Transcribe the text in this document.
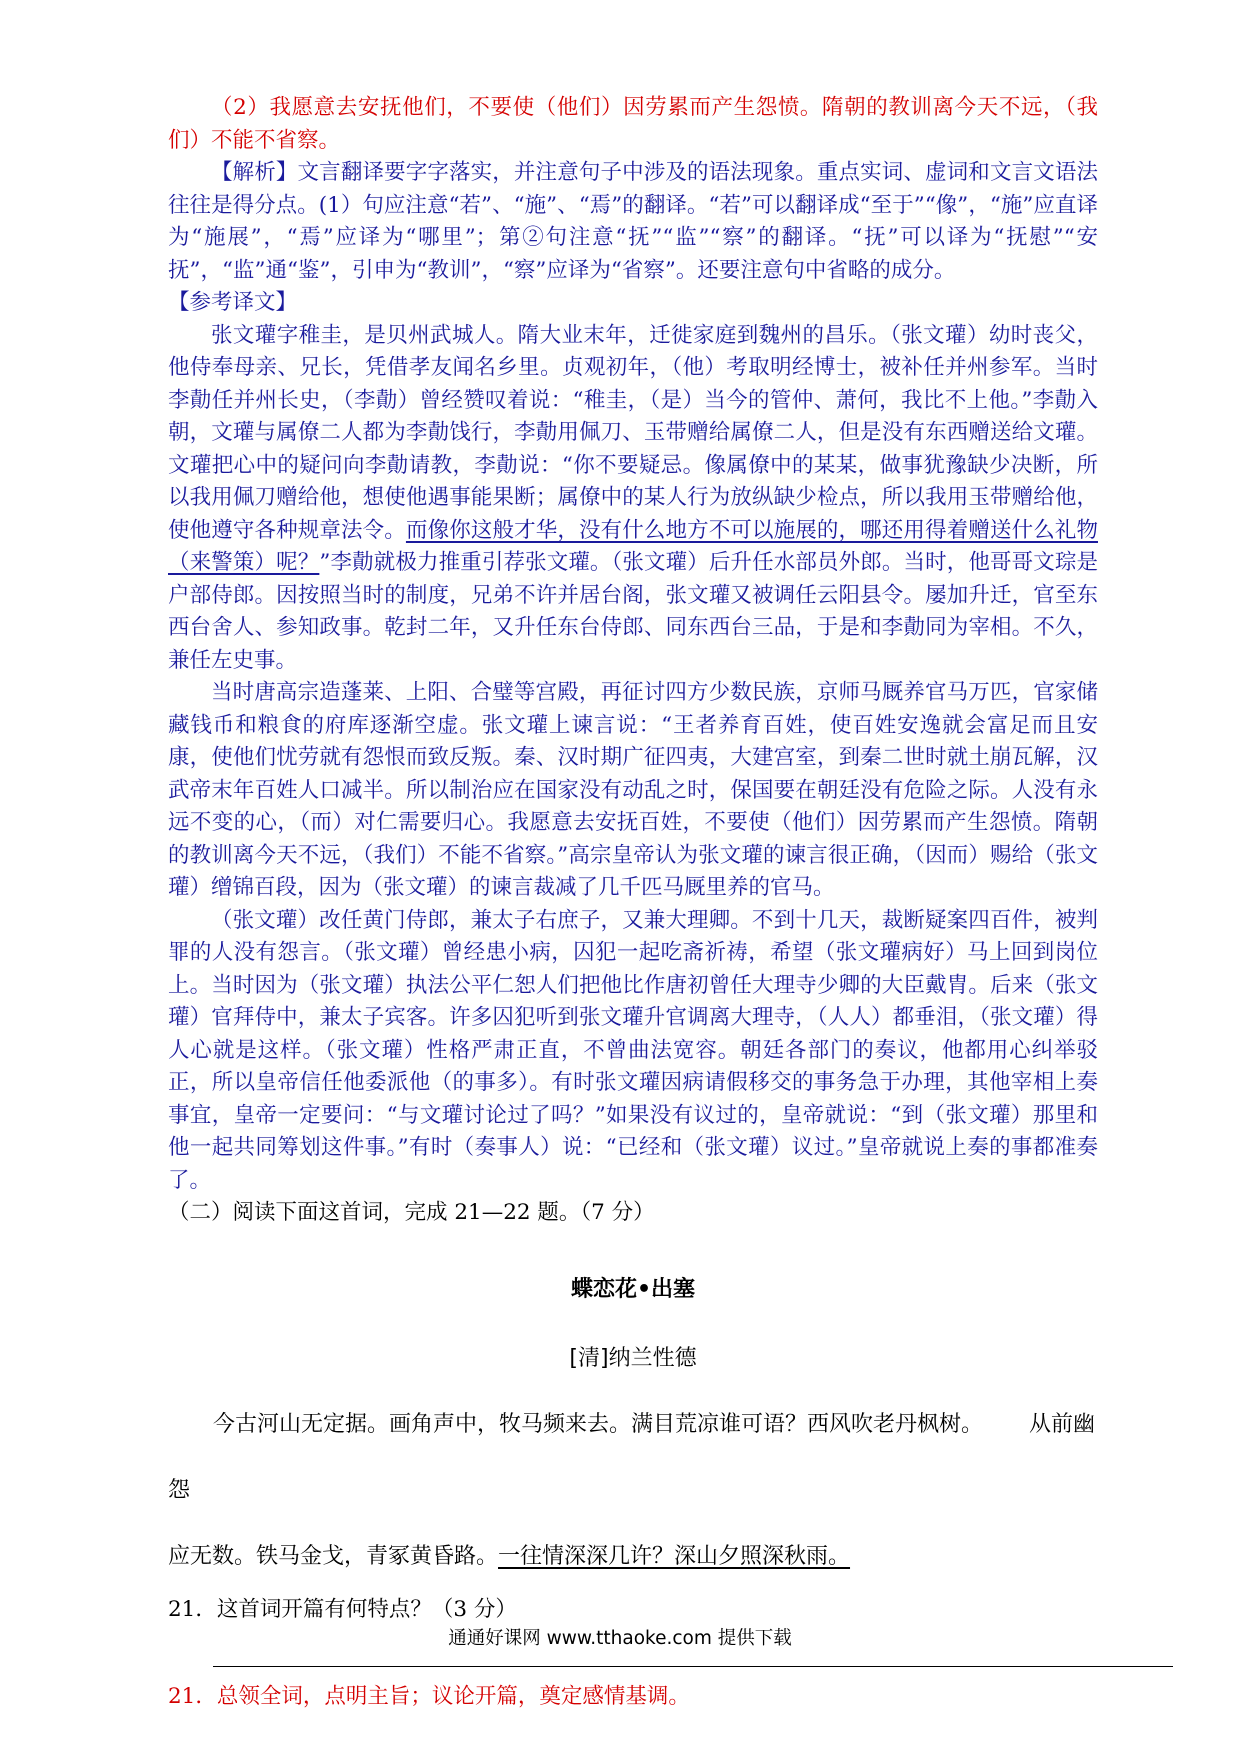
（2）我愿意去安抚他们，不要使（他们）因劳累而产生怨愤。隋朝的教训离今天不远，（我们）不能不省察。

【解析】文言翻译要字字落实，并注意句子中涉及的语法现象。重点实词、虚词和文言文语法往往是得分点。(1）句应注意“若”、“施”、“焉”的翻译。“若”可以翻译成“至于”“像”，“施”应直译为“施展”，“焉”应译为“哪里”；第②句注意“抚”“监”“察”的翻译。“抚”可以译为“抚慰”“安抚”，“监”通“鉴”，引申为“教训”，“察”应译为“省察”。还要注意句中省略的成分。

【参考译文】

张文瓘字稚圭，是贝州武城人。隋大业末年，迁徙家庭到魏州的昌乐。（张文瓘）幼时丧父，他侍奉母亲、兄长，凭借孝友闻名乡里。贞观初年，（他）考取明经博士，被补任并州参军。当时李勣任并州长史，（李勣）曾经赞叹着说：“稚圭，（是）当今的管仲、萧何，我比不上他。”李勣入朝，文瓘与属僚二人都为李勣饯行，李勣用佩刀、玉带赠给属僚二人，但是没有东西赠送给文瓘。文瓘把心中的疑问向李勣请教，李勣说：“你不要疑忌。像属僚中的某某，做事犹豫缺少决断，所以我用佩刀赠给他，想使他遇事能果断；属僚中的某人行为放纵缺少检点，所以我用玉带赠给他，使他遵守各种规章法令。而像你这般才华，没有什么地方不可以施展的，哪还用得着赠送什么礼物（来警策）呢？”李勣就极力推重引荐张文瓘。（张文瓘）后升任水部员外郎。当时，他哥哥文琮是户部侍郎。因按照当时的制度，兄弟不许并居台阁，张文瓘又被调任云阳县令。屡加升迁，官至东西台舍人、参知政事。乾封二年，又升任东台侍郎、同东西台三品，于是和李勣同为宰相。不久，兼任左史事。

当时唐高宗造蓬莱、上阳、合璧等宫殿，再征讨四方少数民族，京师马厩养官马万匹，官家储藏钱币和粮食的府库逐渐空虚。张文瓘上谏言说：“王者养育百姓，使百姓安逸就会富足而且安康，使他们忧劳就有怨恨而致反叛。秦、汉时期广征四夷，大建宫室，到秦二世时就土崩瓦解，汉武帝末年百姓人口减半。所以制治应在国家没有动乱之时，保国要在朝廷没有危险之际。人没有永远不变的心，（而）对仁需要归心。我愿意去安抚百姓，不要使（他们）因劳累而产生怨愤。隋朝的教训离今天不远，（我们）不能不省察。”高宗皇帝认为张文瓘的谏言很正确，（因而）赐给（张文瓘）缯锦百段，因为（张文瓘）的谏言裁减了几千匹马厩里养的官马。

（张文瓘）改任黄门侍郎，兼太子右庶子，又兼大理卿。不到十几天，裁断疑案四百件，被判罪的人没有怨言。（张文瓘）曾经患小病，囚犯一起吃斋祈祷，希望（张文瓘病好）马上回到岗位上。当时因为（张文瓘）执法公平仁恕人们把他比作唐初曾任大理寺少卿的大臣戴胄。后来（张文瓘）官拜侍中，兼太子宾客。许多囚犯听到张文瓘升官调离大理寺，（人人）都垂泪，（张文瓘）得人心就是这样。（张文瓘）性格严肃正直，不曾曲法宽容。朝廷各部门的奏议，他都用心纠举驳正，所以皇帝信任他委派他（的事多）。有时张文瓘因病请假移交的事务急于办理，其他宰相上奏事宜，皇帝一定要问：“与文瓘讨论过了吗？”如果没有议过的，皇帝就说：“到（张文瓘）那里和他一起共同筹划这件事。”有时（奏事人）说：“已经和（张文瓘）议过。”皇帝就说上奏的事都准奏了。

（二）阅读下面这首词，完成 21—22 题。（7 分）

蝶恋花•出塞

[清]纳兰性德

今古河山无定据。画角声中，牧马频来去。满目荒凉谁可语？西风吹老丹枫树。 从前幽怨

应无数。铁马金戈，青冢黄昏路。一往情深深几许？深山夕照深秋雨。

21．这首词开篇有何特点？（3 分）

21．总领全词，点明主旨；议论开篇，奠定感情基调。

通通好课网 www.tthaoke.com 提供下载
